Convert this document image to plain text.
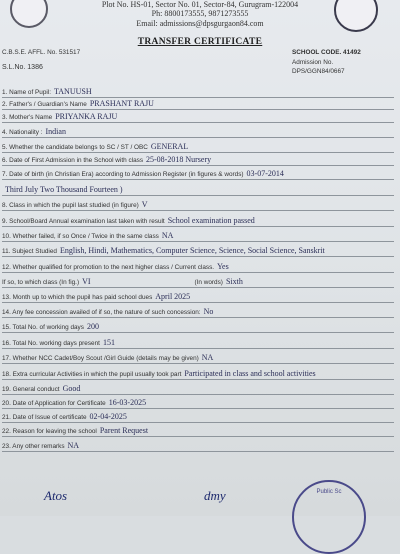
Plot No. HS-01, Sector No. 01, Sector-84, Gurugram-122004
Ph: 8800173555, 9871273555
Email: admissions@dpsgurgaon84.com
TRANSFER CERTIFICATE
C.B.S.E. AFFL. No. 531517
S.L.No. 1386
SCHOOL CODE. 41492
Admission No.
DPS/GGN84/0667
1. Name of Pupil: TANUUSH
2. Father's / Guardian's Name PRASHANT RAJU
3. Mother's Name PRIYANKA RAJU
4. Nationality : Indian
5. Whether the candidate belongs to SC / ST / OBC GENERAL
6. Date of First Admission in the School with class 25-08-2018 Nursery
7. Date of birth (in Christian Era) according to Admission Register (in figures & words) 03-07-2014
Third July Two Thousand Fourteen )
8. Class in which the pupil last studied (in figure) V
9. School/Board Annual examination last taken with result School examination passed
10. Whether failed, if so Once / Twice in the same class NA
11. Subject Studied English, Hindi, Mathematics, Computer Science, Science, Social Science, Sanskrit
12. Whether qualified for promotion to the next higher class / Current class. Yes
If so, to which class (In fig.) VI	(In words) Sixth
13. Month up to which the pupil has paid school dues April 2025
14. Any fee concession availed of if so, the nature of such concession: No
15. Total No. of working days 200
16. Total No. working days present 151
17. Whether NCC Cadet/Boy Scout /Girl Guide (details may be given) NA
18. Extra curricular Activities in which the pupil usually took part Participated in class and school activities
19. General conduct Good
20. Date of Application for Certificate 16-03-2025
21. Date of Issue of certificate 02-04-2025
22. Reason for leaving the school Parent Request
23. Any other remarks NA
Atos	dmy	Public Sc
